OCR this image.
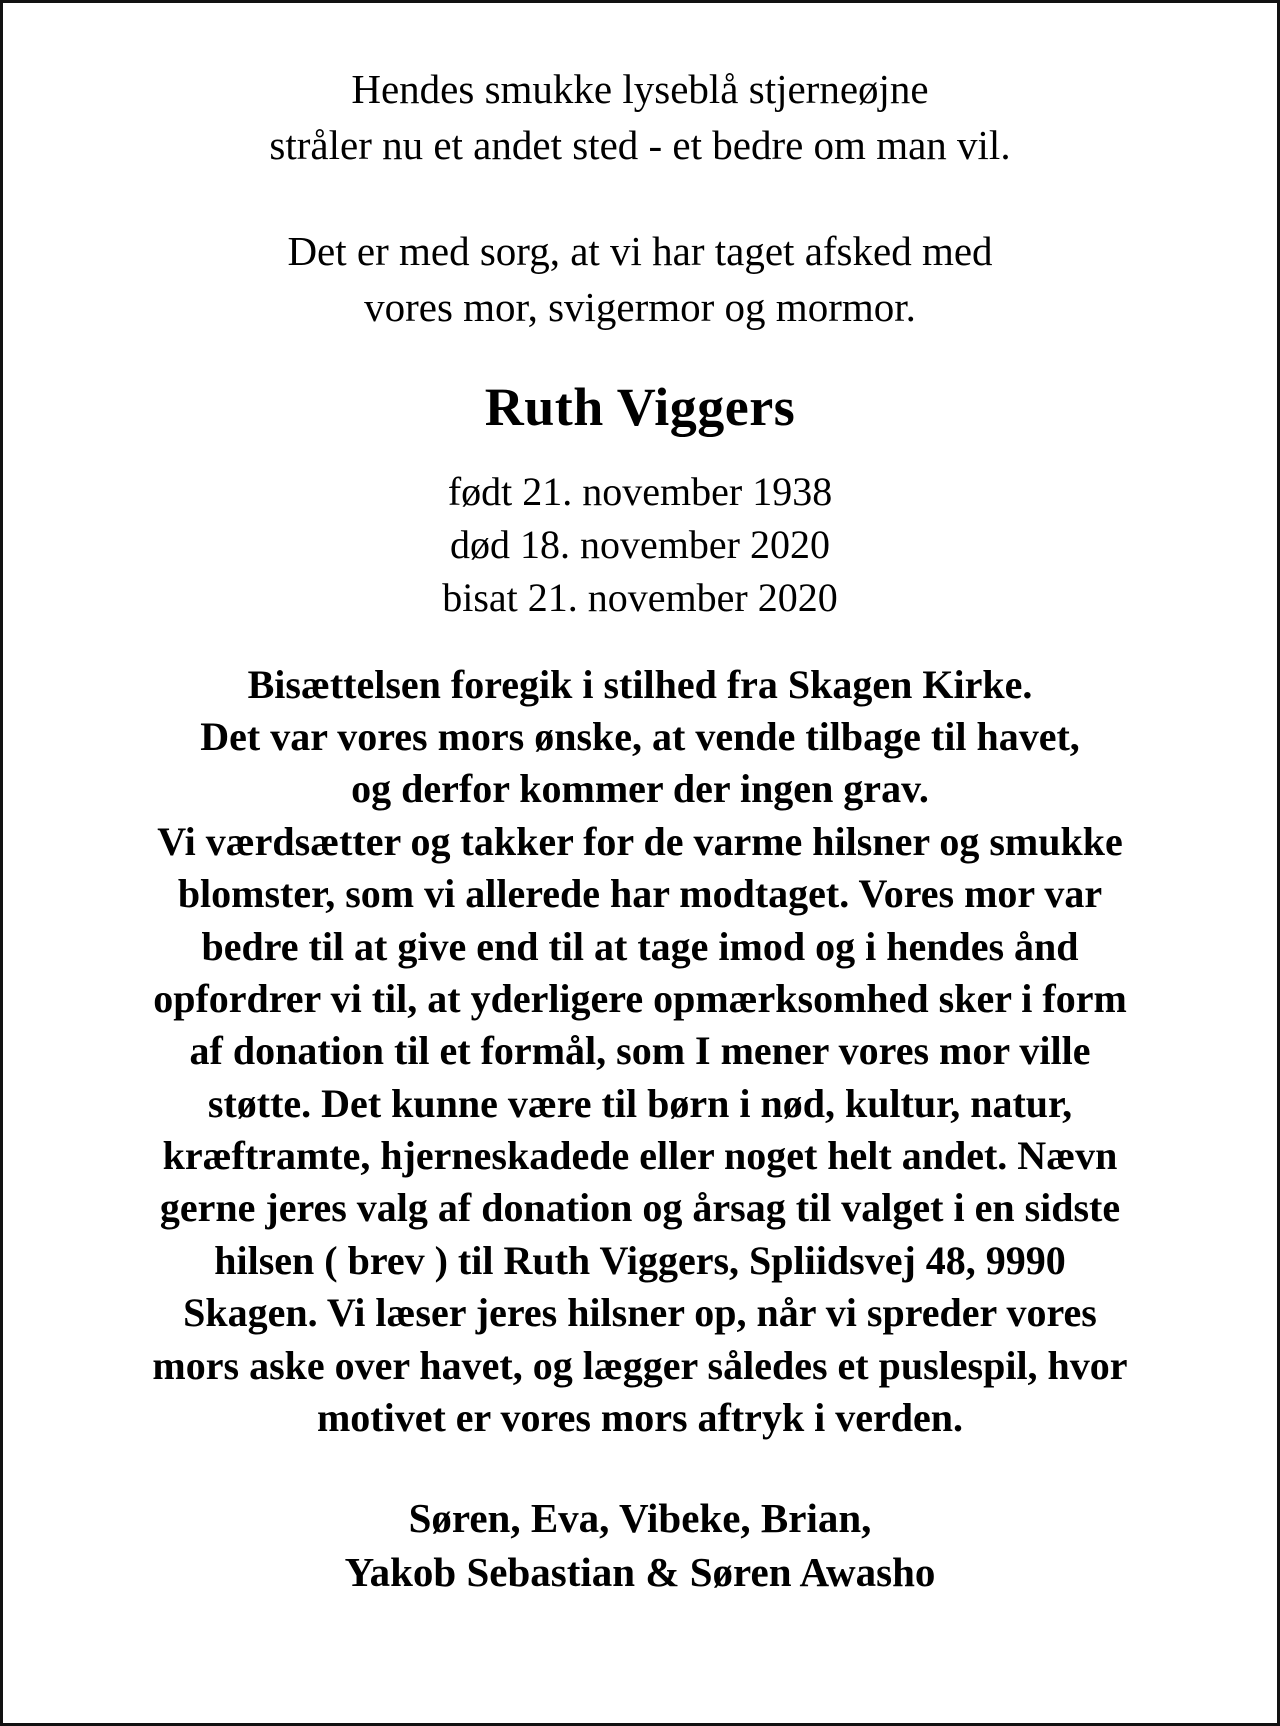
Hendes smukke lyseblå stjerneøjne
stråler nu et andet sted - et bedre om man vil.
Det er med sorg, at vi har taget afsked med
vores mor, svigermor og mormor.
Ruth Viggers
født 21. november 1938
død 18. november 2020
bisat 21. november 2020
Bisættelsen foregik i stilhed fra Skagen Kirke.
Det var vores mors ønske, at vende tilbage til havet,
og derfor kommer der ingen grav.
Vi værdsætter og takker for de varme hilsner og smukke
blomster, som vi allerede har modtaget. Vores mor var
bedre til at give end til at tage imod og i hendes ånd
opfordrer vi til, at yderligere opmærksomhed sker i form
af donation til et formål, som I mener vores mor ville
støtte. Det kunne være til børn i nød, kultur, natur,
kræftramte, hjerneskadede eller noget helt andet. Nævn
gerne jeres valg af donation og årsag til valget i en sidste
hilsen ( brev ) til Ruth Viggers, Spliidsvej 48, 9990
Skagen. Vi læser jeres hilsner op, når vi spreder vores
mors aske over havet, og lægger således et puslespil, hvor
motivet er vores mors aftryk i verden.
Søren, Eva, Vibeke, Brian,
Yakob Sebastian & Søren Awasho
